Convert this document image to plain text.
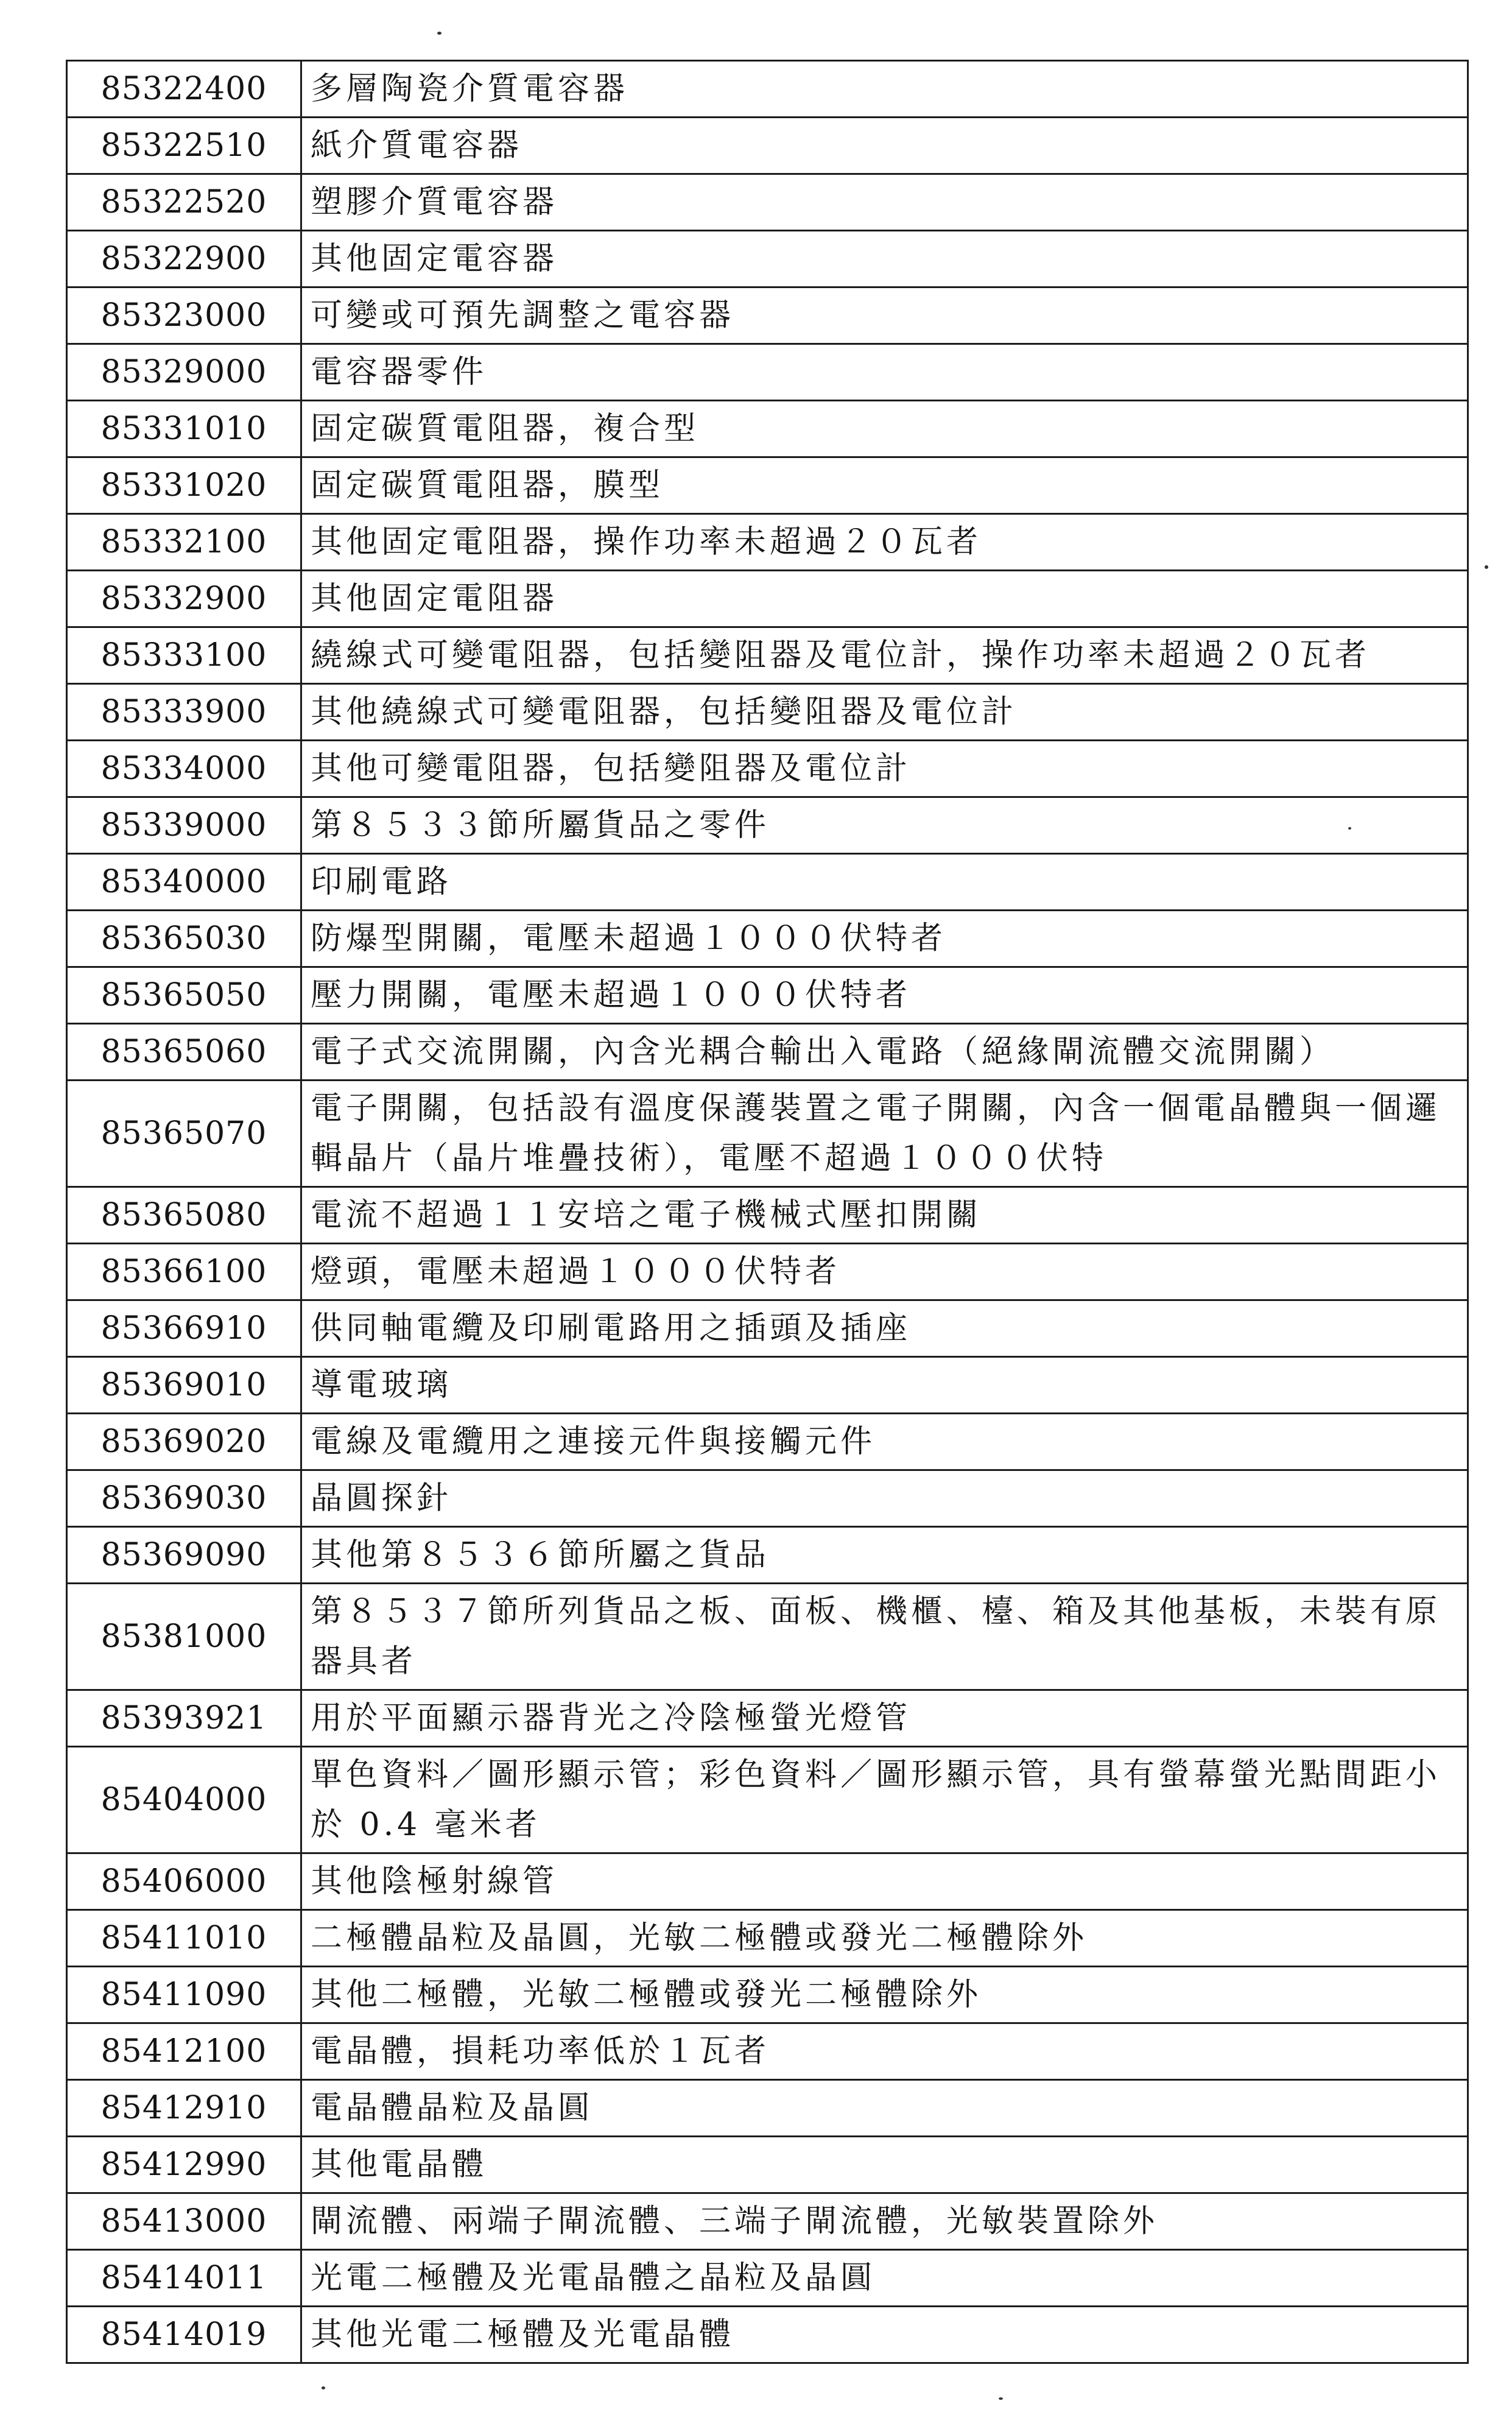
85322400	多層陶瓷介質電容器
85322510	紙介質電容器
85322520	塑膠介質電容器
85322900	其他固定電容器
85323000	可變或可預先調整之電容器
85329000	電容器零件
85331010	固定碳質電阻器，複合型
85331020	固定碳質電阻器，膜型
85332100	其他固定電阻器，操作功率未超過２０瓦者
85332900	其他固定電阻器
85333100	繞線式可變電阻器，包括變阻器及電位計，操作功率未超過２０瓦者
85333900	其他繞線式可變電阻器，包括變阻器及電位計
85334000	其他可變電阻器，包括變阻器及電位計
85339000	第８５３３節所屬貨品之零件
85340000	印刷電路
85365030	防爆型開關，電壓未超過１０００伏特者
85365050	壓力開關，電壓未超過１０００伏特者
85365060	電子式交流開關，內含光耦合輸出入電路（絕緣閘流體交流開關）
85365070	電子開關，包括設有溫度保護裝置之電子開關，內含一個電晶體與一個邏輯晶片（晶片堆疊技術），電壓不超過１０００伏特
85365080	電流不超過１１安培之電子機械式壓扣開關
85366100	燈頭，電壓未超過１０００伏特者
85366910	供同軸電纜及印刷電路用之插頭及插座
85369010	導電玻璃
85369020	電線及電纜用之連接元件與接觸元件
85369030	晶圓探針
85369090	其他第８５３６節所屬之貨品
85381000	第８５３７節所列貨品之板、面板、機櫃、檯、箱及其他基板，未裝有原器具者
85393921	用於平面顯示器背光之冷陰極螢光燈管
85404000	單色資料／圖形顯示管；彩色資料／圖形顯示管，具有螢幕螢光點間距小於 0.4 毫米者
85406000	其他陰極射線管
85411010	二極體晶粒及晶圓，光敏二極體或發光二極體除外
85411090	其他二極體，光敏二極體或發光二極體除外
85412100	電晶體，損耗功率低於１瓦者
85412910	電晶體晶粒及晶圓
85412990	其他電晶體
85413000	閘流體、兩端子閘流體、三端子閘流體，光敏裝置除外
85414011	光電二極體及光電晶體之晶粒及晶圓
85414019	其他光電二極體及光電晶體
